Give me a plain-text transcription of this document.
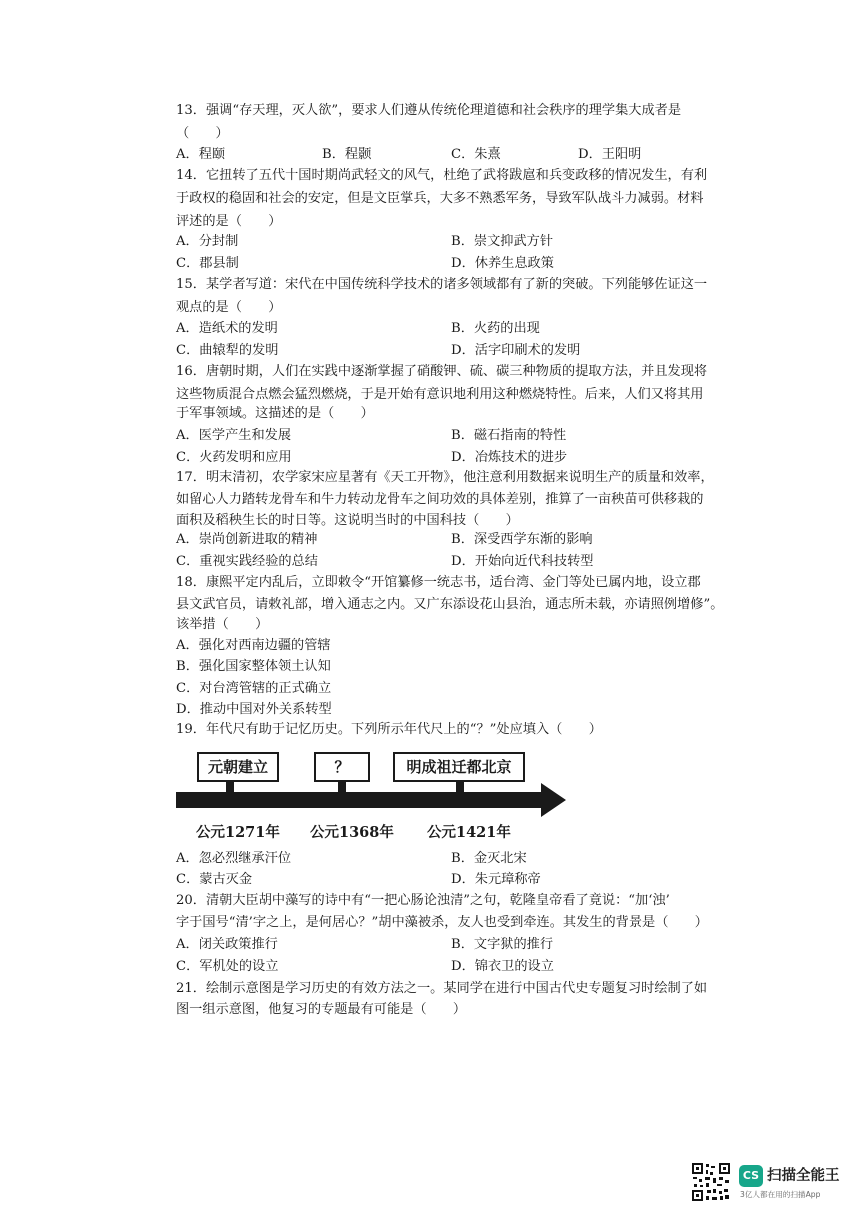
13．强调“存天理，灭人欲”，要求人们遵从传统伦理道德和社会秩序的理学集大成者是
（　　）
A．程颐	B．程颢	C．朱熹	D．王阳明
14．它扭转了五代十国时期尚武轻文的风气，杜绝了武将跋扈和兵变政移的情况发生，有利
于政权的稳固和社会的安定，但是文臣掌兵，大多不熟悉军务，导致军队战斗力减弱。材料
评述的是（　　）
A．分封制	B．崇文抑武方针
C．郡县制	D．休养生息政策
15．某学者写道：宋代在中国传统科学技术的诸多领域都有了新的突破。下列能够佐证这一
观点的是（　　）
A．造纸术的发明	B．火药的出现
C．曲辕犁的发明	D．活字印刷术的发明
16．唐朝时期，人们在实践中逐渐掌握了硝酸钾、硫、碳三种物质的提取方法，并且发现将
这些物质混合点燃会猛烈燃烧，于是开始有意识地利用这种燃烧特性。后来，人们又将其用
于军事领域。这描述的是（　　）
A．医学产生和发展	B．磁石指南的特性
C．火药发明和应用	D．冶炼技术的进步
17．明末清初，农学家宋应星著有《天工开物》，他注意利用数据来说明生产的质量和效率，
如留心人力踏转龙骨车和牛力转动龙骨车之间功效的具体差别，推算了一亩秧苗可供移栽的
面积及稻秧生长的时日等。这说明当时的中国科技（　　）
A．崇尚创新进取的精神	B．深受西学东渐的影响
C．重视实践经验的总结	D．开始向近代科技转型
18．康熙平定内乱后，立即敕令“开馆纂修一统志书，适台湾、金门等处已属内地，设立郡
县文武官员，请敕礼部，增入通志之内。又广东添设花山县治，通志所未载，亦请照例增修”。
该举措（　　）
A．强化对西南边疆的管辖
B．强化国家整体领土认知
C．对台湾管辖的正式确立
D．推动中国对外关系转型
19．年代尺有助于记忆历史。下列所示年代尺上的“？”处应填入（　　）
元朝建立	？	明成祖迁都北京
公元1271年 公元1368年 公元1421年
A．忽必烈继承汗位	B．金灭北宋
C．蒙古灭金	D．朱元璋称帝
20．清朝大臣胡中藻写的诗中有“一把心肠论浊清”之句，乾隆皇帝看了竟说：“加‘浊’
字于国号“清’字之上，是何居心？”胡中藻被杀，友人也受到牵连。其发生的背景是（　　）
A．闭关政策推行	B．文字狱的推行
C．军机处的设立	D．锦衣卫的设立
21．绘制示意图是学习历史的有效方法之一。某同学在进行中国古代史专题复习时绘制了如
图一组示意图，他复习的专题最有可能是（　　）
CS 扫描全能王
3亿人都在用的扫描App
